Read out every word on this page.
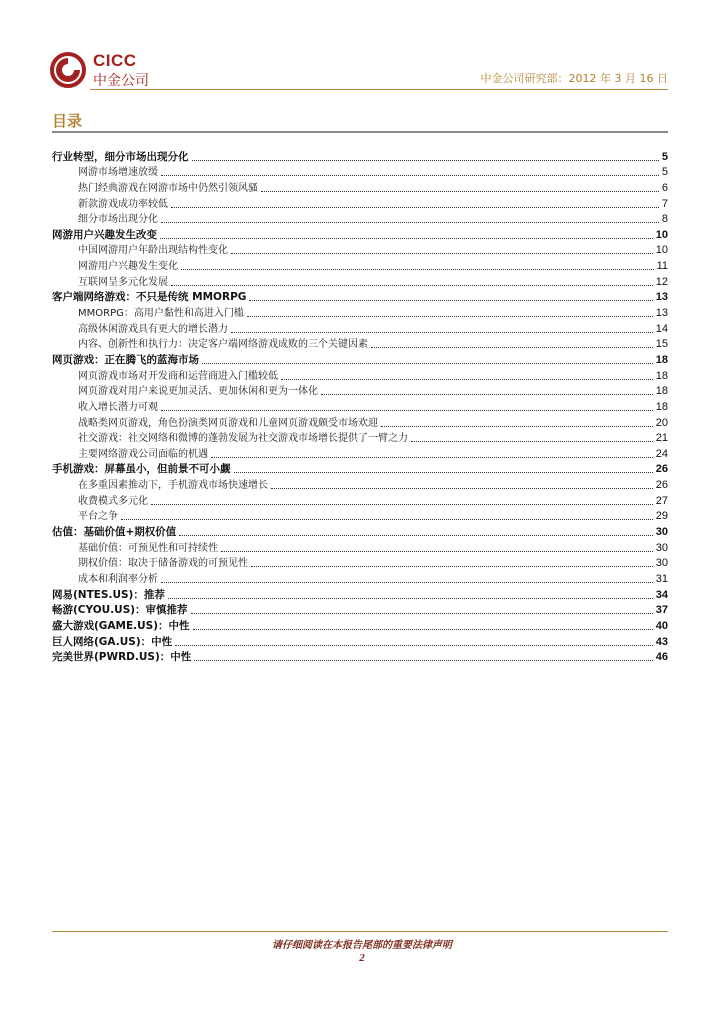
CICC
中金公司	中金公司研究部：2012 年 3 月 16 日
目录
行业转型，细分市场出现分化	5
网游市场增速放缓	5
热门经典游戏在网游市场中仍然引领风骚	6
新款游戏成功率较低	7
细分市场出现分化	8
网游用户兴趣发生改变	10
中国网游用户年龄出现结构性变化	10
网游用户兴趣发生变化	11
互联网呈多元化发展	12
客户端网络游戏：不只是传统 MMORPG	13
MMORPG：高用户黏性和高进入门槛	13
高级休闲游戏具有更大的增长潜力	14
内容、创新性和执行力：决定客户端网络游戏成败的三个关键因素	15
网页游戏：正在腾飞的蓝海市场	18
网页游戏市场对开发商和运营商进入门槛较低	18
网页游戏对用户来说更加灵活、更加休闲和更为一体化	18
收入增长潜力可观	18
战略类网页游戏，角色扮演类网页游戏和儿童网页游戏颇受市场欢迎	20
社交游戏：社交网络和微博的蓬勃发展为社交游戏市场增长提供了一臂之力	21
主要网络游戏公司面临的机遇	24
手机游戏：屏幕虽小，但前景不可小觑	26
在多重因素推动下，手机游戏市场快速增长	26
收费模式多元化	27
平台之争	29
估值：基础价值+期权价值	30
基础价值：可预见性和可持续性	30
期权价值：取决于储备游戏的可预见性	30
成本和利润率分析	31
网易(NTES.US)：推荐	34
畅游(CYOU.US)：审慎推荐	37
盛大游戏(GAME.US)：中性	40
巨人网络(GA.US)：中性	43
完美世界(PWRD.US)：中性	46
请仔细阅读在本报告尾部的重要法律声明
2
